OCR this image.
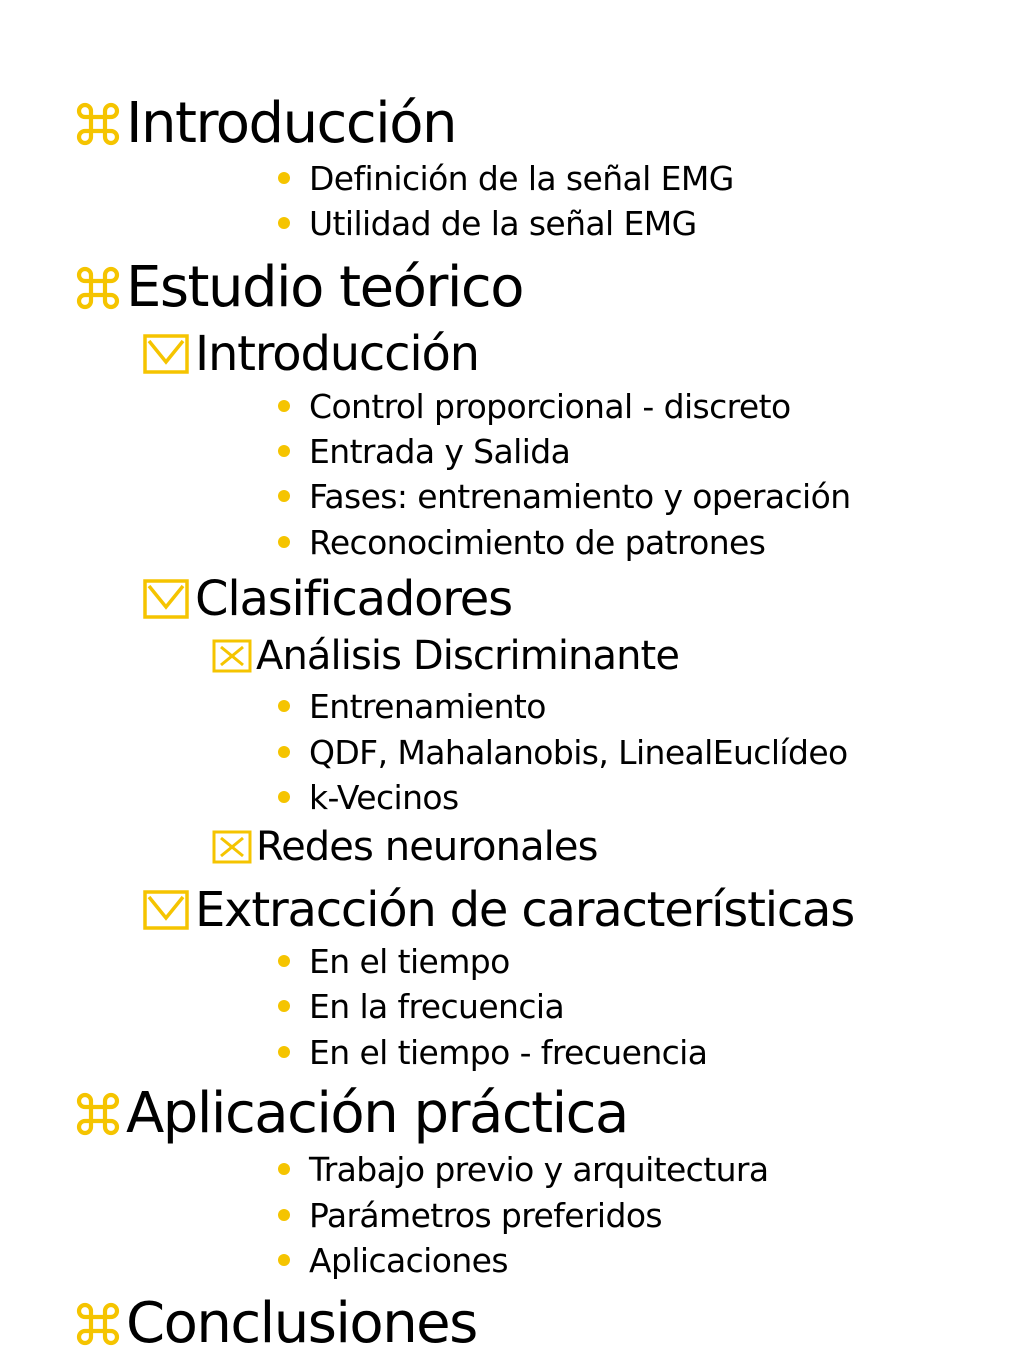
Introducción
Definición de la señal EMG
Utilidad de la señal EMG
Estudio teórico
Introducción
Control proporcional - discreto
Entrada y Salida
Fases: entrenamiento y operación
Reconocimiento de patrones
Clasificadores
Análisis Discriminante
Entrenamiento
QDF, Mahalanobis, LinealEuclídeo
k-Vecinos
Redes neuronales
Extracción de características
En el tiempo
En la frecuencia
En el tiempo - frecuencia
Aplicación práctica
Trabajo previo y arquitectura
Parámetros preferidos
Aplicaciones
Conclusiones
